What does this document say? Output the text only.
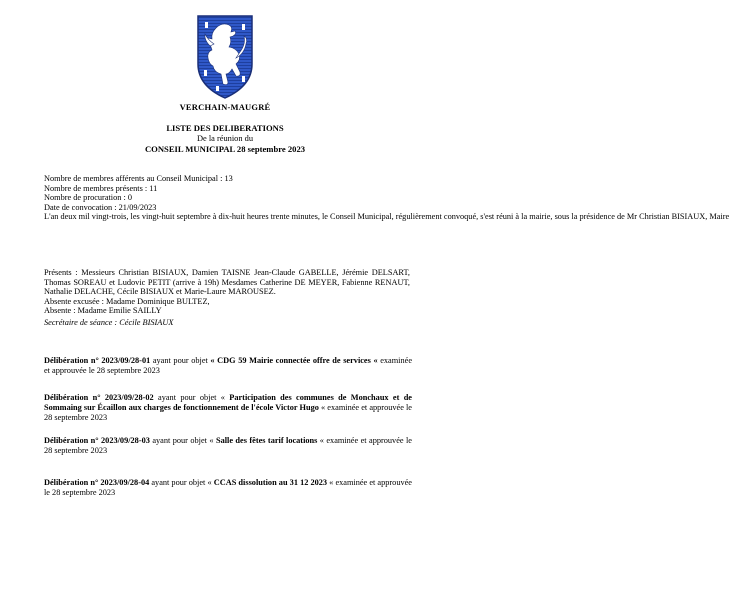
VERCHAIN-MAUGRÉ
LISTE DES DELIBERATIONS
De la réunion du
CONSEIL MUNICIPAL 28 septembre 2023
Nombre de membres afférents au Conseil Municipal : 13
Nombre de membres présents : 11
Nombre de procuration : 0
Date de convocation : 21/09/2023
L'an deux mil vingt-trois, les vingt-huit septembre à dix-huit heures trente minutes, le Conseil Municipal, régulièrement convoqué, s'est réuni à la mairie, sous la présidence de Mr Christian BISIAUX, Maire

Présents : Messieurs Christian BISIAUX, Damien TAISNE Jean-Claude GABELLE, Jérémie DELSART, Thomas SOREAU et Ludovic PETIT (arrive à 19h) Mesdames Catherine DE MEYER, Fabienne RENAUT, Nathalie DELACHE, Cécile BISIAUX et Marie-Laure MAROUSEZ.

Absente excusée : Madame Dominique BULTEZ,

Absente : Madame Emilie SAILLY

Secrétaire de séance : Cécile BISIAUX
Délibération n° 2023/09/28-01 ayant pour objet « CDG 59 Mairie connectée offre de services « examinée et approuvée le 28 septembre 2023
Délibération n° 2023/09/28-02 ayant pour objet « Participation des communes de Monchaux et de Sommaing sur Écaillon aux charges de fonctionnement de l'école Victor Hugo « examinée et approuvée le 28 septembre 2023
Délibération n° 2023/09/28-03 ayant pour objet « Salle des fêtes tarif locations « examinée et approuvée le 28 septembre 2023
Délibération n° 2023/09/28-04 ayant pour objet « CCAS dissolution au 31 12 2023 « examinée et approuvée le 28 septembre 2023
